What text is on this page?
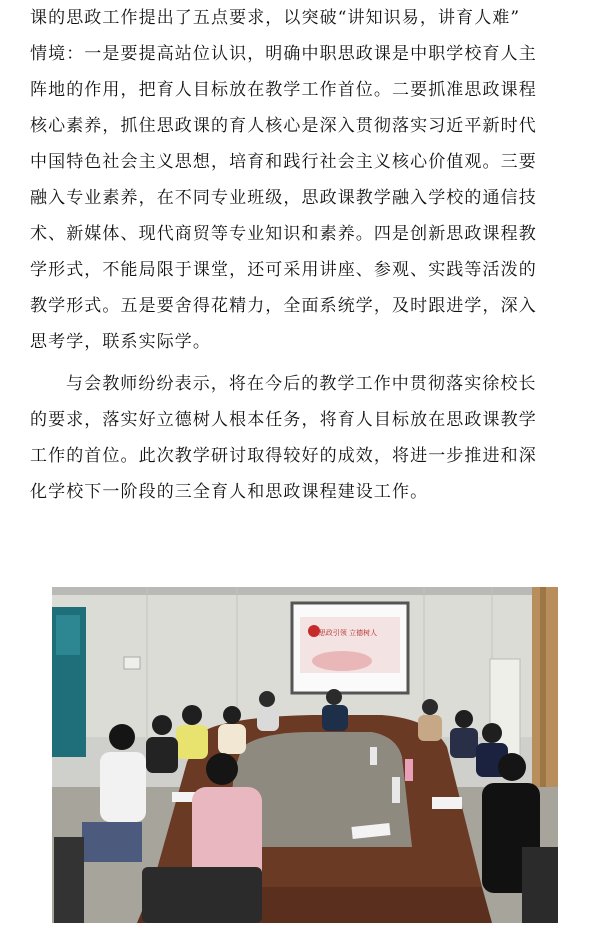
课的思政工作提出了五点要求，以突破“讲知识易，讲育人难”
情境：一是要提高站位认识，明确中职思政课是中职学校育人主
阵地的作用，把育人目标放在教学工作首位。二要抓准思政课程
核心素养，抓住思政课的育人核心是深入贯彻落实习近平新时代
中国特色社会主义思想，培育和践行社会主义核心价值观。三要
融入专业素养，在不同专业班级，思政课教学融入学校的通信技
术、新媒体、现代商贸等专业知识和素养。四是创新思政课程教
学形式，不能局限于课堂，还可采用讲座、参观、实践等活泼的
教学形式。五是要舍得花精力，全面系统学，及时跟进学，深入
思考学，联系实际学。
与会教师纷纷表示，将在今后的教学工作中贯彻落实徐校长
的要求，落实好立德树人根本任务，将育人目标放在思政课教学
工作的首位。此次教学研讨取得较好的成效，将进一步推进和深
化学校下一阶段的三全育人和思政课程建设工作。
思政引领 立德树人
